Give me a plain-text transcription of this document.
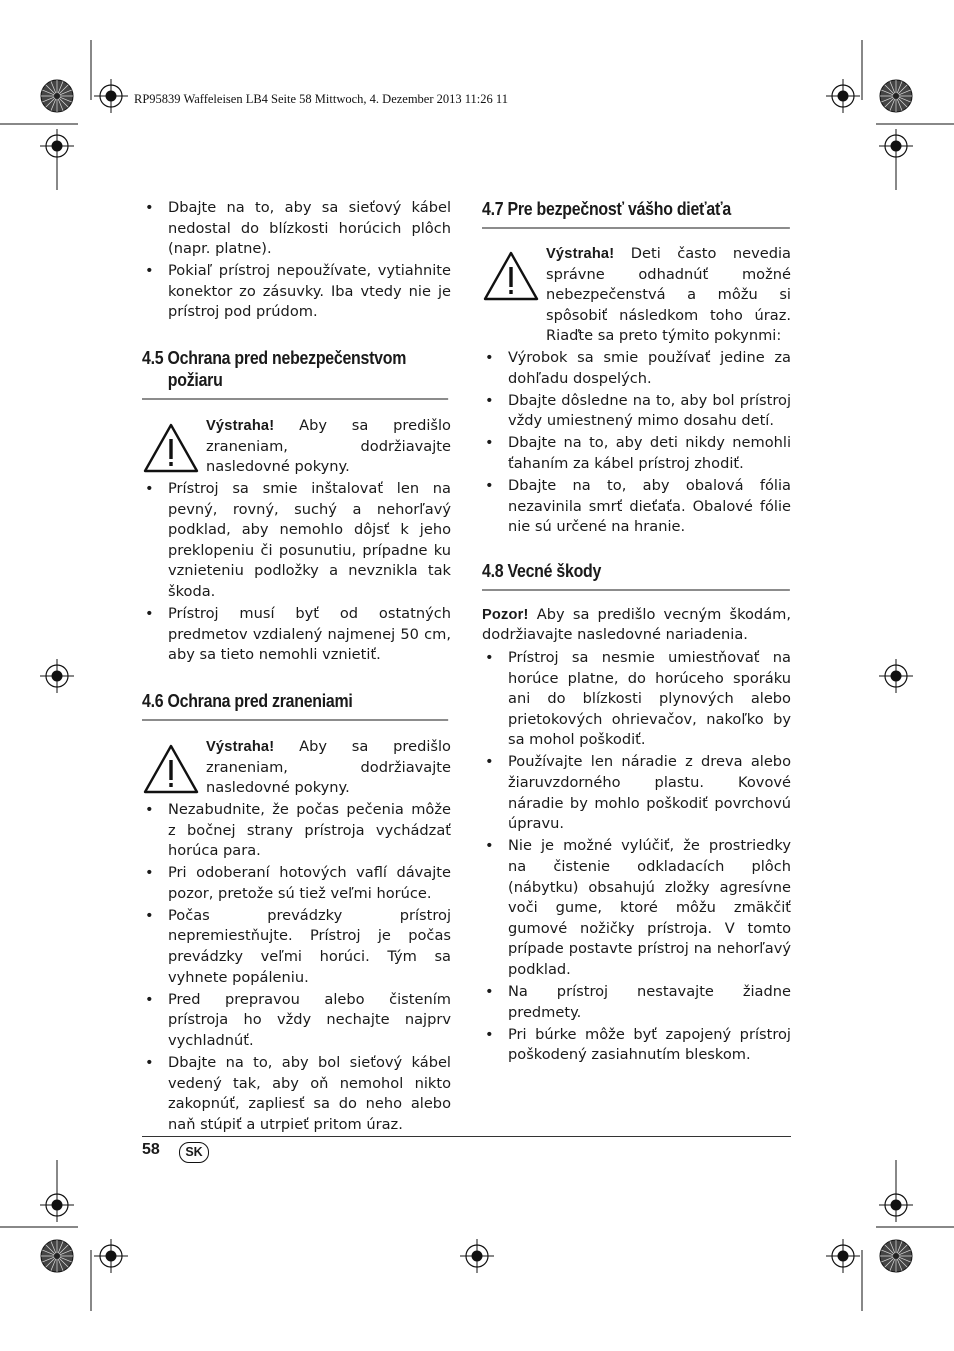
RP95839 Waffeleisen LB4 Seite 58 Mittwoch, 4. Dezember 2013 11:26 11
• Dbajte na to, aby sa sieťový kábel nedostal do blízkosti horúcich plôch (napr. platne).
• Pokiaľ prístroj nepoužívate, vytiahnite konektor zo zásuvky. Iba vtedy nie je prístroj pod prúdom.
4.5 Ochrana pred nebezpečenstvom
požiaru
Výstraha! Aby sa predišlo zraneniam, dodržiavajte nasledovné pokyny.
• Prístroj sa smie inštalovať len na pevný, rovný, suchý a nehorľavý podklad, aby nemohlo dôjsť k jeho preklopeniu či posunutiu, prípadne ku vznieteniu podložky a nevznikla tak škoda.
• Prístroj musí byť od ostatných predmetov vzdialený najmenej 50 cm, aby sa tieto nemohli vznietiť.
4.6 Ochrana pred zraneniami
Výstraha! Aby sa predišlo zraneniam, dodržiavajte nasledovné pokyny.
• Nezabudnite, že počas pečenia môže z bočnej strany prístroja vychádzať horúca para.
• Pri odoberaní hotových vaflí dávajte pozor, pretože sú tiež veľmi horúce.
• Počas prevádzky prístroj nepremiestňujte. Prístroj je počas prevádzky veľmi horúci. Tým sa vyhnete popáleniu.
• Pred prepravou alebo čistením prístroja ho vždy nechajte najprv vychladnúť.
• Dbajte na to, aby bol sieťový kábel vedený tak, aby oň nemohol nikto zakopnúť, zapliesť sa do neho alebo naň stúpiť a utrpieť pritom úraz.
4.7 Pre bezpečnosť vášho dieťaťa
Výstraha! Deti často nevedia správne odhadnúť možné nebezpečenstvá a môžu si spôsobiť následkom toho úraz. Riaďte sa preto týmito pokynmi:
• Výrobok sa smie používať jedine za dohľadu dospelých.
• Dbajte dôsledne na to, aby bol prístroj vždy umiestnený mimo dosahu detí.
• Dbajte na to, aby deti nikdy nemohli ťahaním za kábel prístroj zhodiť.
• Dbajte na to, aby obalová fólia nezavinila smrť dieťaťa. Obalové fólie nie sú určené na hranie.
4.8 Vecné škody

Pozor! Aby sa predišlo vecným škodám, dodržiavajte nasledovné nariadenia.

• Prístroj sa nesmie umiestňovať na horúce platne, do horúceho sporáku ani do blízkosti plynových alebo prietokových ohrievačov, nakoľko by sa mohol poškodiť.
• Používajte len náradie z dreva alebo žiaruvzdorného plastu. Kovové náradie by mohlo poškodiť povrchovú úpravu.
• Nie je možné vylúčiť, že prostriedky na čistenie odkladacích plôch (nábytku) obsahujú zložky agresívne voči gume, ktoré môžu zmäkčiť gumové nožičky prístroja. V tomto prípade postavte prístroj na nehorľavý podklad.
• Na prístroj nestavajte žiadne predmety.
• Pri búrke môže byť zapojený prístroj poškodený zasiahnutím bleskom.
58	SK
